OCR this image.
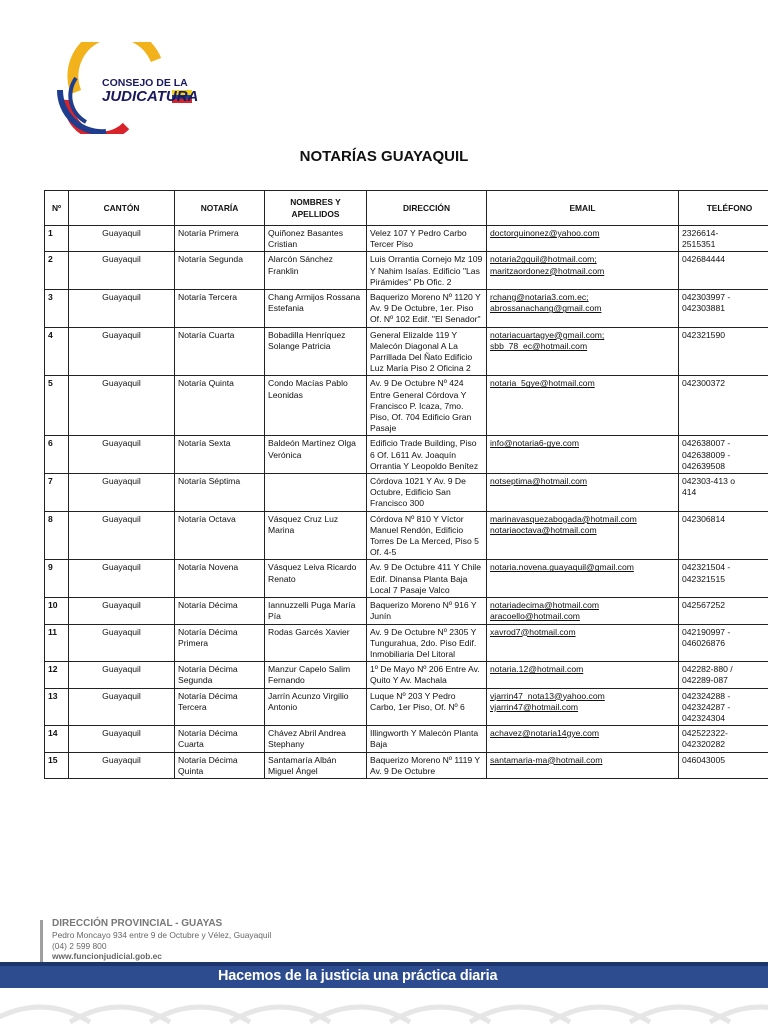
CONSEJO DE LA
JUDICATURA
NOTARÍAS GUAYAQUIL
Nº	CANTÓN	NOTARÍA	NOMBRES Y APELLIDOS	DIRECCIÓN	EMAIL	TELÉFONO
1	Guayaquil	Notaría Primera	Quiñonez Basantes Cristian	Velez 107 Y Pedro Carbo Tercer Piso	doctorquinonez@yahoo.com	2326614-
2515351

2	Guayaquil	Notaría Segunda	Alarcón Sánchez Franklin	Luis Orrantia Cornejo Mz 109 Y Nahim Isaías. Edificio "Las Pirámides" Pb Ofic. 2	notaria2gquil@hotmail.com;
maritzaordonez@hotmail.com	042684444

3	Guayaquil	Notaría Tercera	Chang Armijos Rossana Estefania	Baquerizo Moreno Nº 1120 Y Av. 9 De Octubre, 1er. Piso Of. Nº 102 Edif. "El Senador"	rchang@notaria3.com.ec;
abrossanachang@gmail.com	042303997 -
042303881

4	Guayaquil	Notaría Cuarta	Bobadilla Henríquez Solange Patricia	General Elizalde 119 Y Malecón Diagonal A La Parrillada Del Ñato Edificio Luz María Piso 2 Oficina 2	notariacuartagye@gmail.com;
sbb_78_ec@hotmail.com	042321590

5	Guayaquil	Notaría Quinta	Condo Macías Pablo Leonidas	Av. 9 De Octubre Nº 424 Entre General Córdova Y Francisco P. Icaza, 7mo. Piso, Of. 704 Edificio Gran Pasaje	notaria_5gye@hotmail.com	042300372

6	Guayaquil	Notaría Sexta	Baldeón Martínez Olga Verónica	Edificio Trade Building, Piso 6 Of. L611 Av. Joaquín Orrantia Y Leopoldo Benítez	info@notaria6-gye.com	042638007 -
042638009 -
042639508

7	Guayaquil	Notaría Séptima		Córdova 1021 Y Av. 9 De Octubre, Edificio San Francisco 300	notseptima@hotmail.com	042303-413 o
414

8	Guayaquil	Notaría Octava	Vásquez Cruz Luz Marina	Córdova Nº 810 Y Víctor Manuel Rendón, Edificio Torres De La Merced, Piso 5 Of. 4-5	marinavasquezabogada@hotmail.com
notariaoctava@hotmail.com	042306814

9	Guayaquil	Notaría Novena	Vásquez Leiva Ricardo Renato	Av. 9 De Octubre 411 Y Chile Edif. Dinansa Planta Baja Local 7 Pasaje Valco	notaria.novena.guayaquil@gmail.com	042321504 -
042321515

10	Guayaquil	Notaría Décima	Iannuzzelli Puga María Pía	Baquerizo Moreno Nº 916 Y Junín	notariadecima@hotmail.com
aracoello@hotmail.com	042567252

11	Guayaquil	Notaría Décima Primera	Rodas Garcés Xavier	Av. 9 De Octubre Nº 2305 Y Tungurahua, 2do. Piso Edif. Inmobiliaria Del Litoral	xavrod7@hotmail.com	042190997 -
046026876

12	Guayaquil	Notaría Décima Segunda	Manzur Capelo Salim Fernando	1º De Mayo Nº 206 Entre Av. Quito Y Av. Machala	notaria.12@hotmail.com	042282-880 /
042289-087

13	Guayaquil	Notaría Décima Tercera	Jarrín Acunzo Virgilio Antonio	Luque Nº 203 Y Pedro Carbo, 1er Piso, Of. Nº 6	vjarrin47_nota13@yahoo.com
vjarrin47@hotmail.com	042324288 -
042324287 -
042324304

14	Guayaquil	Notaría Décima Cuarta	Chávez Abril Andrea Stephany	Illingworth Y Malecón Planta Baja	achavez@notaria14gye.com	042522322-
042320282

15	Guayaquil	Notaría Décima Quinta	Santamaría Albán Miguel Ángel	Baquerizo Moreno Nº 1119 Y Av. 9 De Octubre	santamaria-ma@hotmail.com	046043005
DIRECCIÓN PROVINCIAL - GUAYAS
Pedro Moncayo 934 entre 9 de Octubre y Vélez, Guayaquil
(04) 2 599 800
www.funcionjudicial.gob.ec
Hacemos de la justicia una práctica diaria
